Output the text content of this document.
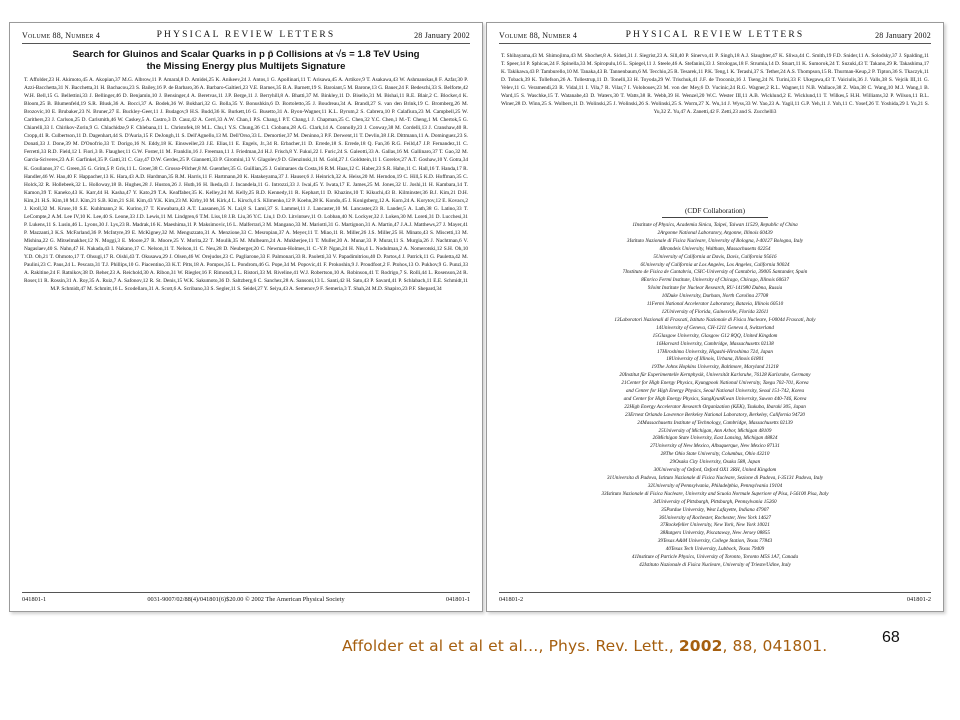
Volume 88, Number 4	PHYSICAL REVIEW LETTERS	28 January 2002
Search for Gluinos and Scalar Quarks in p p̄ Collisions at √s = 1.8 TeV Using
the Missing Energy plus Multijets Signature
T. Affolder,23 H. Akimoto,45 A. Akopian,37 M.G. Albrow,11 P. Amaral,8 D. Amidei,25 K. Anikeev,24 J. Antos,1 G. Apollinari,11 T. Arisawa,45 A. Artikov,9 T. Asakawa,43 W. Ashmanskas,8 F. Azfar,30 P. Azzi-Bacchetta,31 N. Bacchetta,31 H. Bachacou,23 S. Bailey,16 P. de Barbaro,36 A. Barbaro-Galtieri,23 V.E. Barnes,35 B.A. Barnett,19 S. Baroiant,5 M. Barone,13 G. Bauer,24 F. Bedeschi,33 S. Belforte,42 W.H. Bell,15 G. Bellettini,33 J. Bellinger,46 D. Benjamin,10 J. Bensinger,4 A. Beretvas,11 J.P. Berge,11 J. Berryhill,8 A. Bhatti,37 M. Binkley,11 D. Bisello,31 M. Bishai,11 R.E. Blair,2 C. Blocker,4 K. Bloom,25 B. Blumenfeld,19 S.R. Blusk,36 A. Bocci,37 A. Bodek,36 W. Bokhari,32 G. Bolla,35 Y. Bonushkin,6 D. Bortoletto,35 J. Boudreau,34 A. Brandl,27 S. van den Brink,19 C. Bromberg,26 M. Brozovic,10 E. Brubaker,23 N. Bruner,27 E. Buckley-Geer,11 J. Budagov,9 H.S. Budd,36 K. Burkett,16 G. Busetto,31 A. Byon-Wagner,11 K.L. Byrum,2 S. Cabrera,10 P. Calafiura,23 M. Campbell,25 W. Carithers,23 J. Carlson,25 D. Carlsmith,46 W. Caskey,5 A. Castro,3 D. Cauz,42 A. Cerri,33 A.W. Chan,1 P.S. Chang,1 P.T. Chang,1 J. Chapman,25 C. Chen,32 Y.C. Chen,1 M.-T. Cheng,1 M. Chertok,5 G. Chiarelli,33 I. Chirikov-Zorin,9 G. Chlachidze,9 F. Chlebana,11 L. Christofek,18 M.L. Chu,1 Y.S. Chung,36 C.I. Ciobanu,28 A.G. Clark,14 A. Connolly,23 J. Conway,38 M. Cordelli,13 J. Cranshaw,40 R. Cropp,41 R. Culbertson,11 D. Dagenhart,44 S. D'Auria,15 F. DeJongh,11 S. Dell'Agnello,13 M. Dell'Orso,33 L. Demortier,37 M. Deninno,3 P.F. Derwent,11 T. Devlin,38 J.R. Dittmann,11 A. Dominguez,23 S. Donati,33 J. Done,39 M. D'Onofrio,33 T. Dorigo,16 N. Eddy,18 K. Einsweiler,23 J.E. Elias,11 E. Engels, Jr.,34 R. Erbacher,11 D. Errede,18 S. Errede,18 Q. Fan,36 R.G. Feild,47 J.P. Fernandez,11 C. Ferretti,33 R.D. Field,12 I. Fiori,3 B. Flaugher,11 G.W. Foster,11 M. Franklin,16 J. Freeman,11 J. Friedman,24 H.J. Frisch,8 Y. Fukui,22 I. Furic,24 S. Galeotti,33 A. Gallas,16 M. Gallinaro,37 T. Gao,32 M. Garcia-Sciveres,23 A.F. Garfinkel,35 P. Gatti,31 C. Gay,47 D.W. Gerdes,25 P. Giannetti,33 P. Giromini,13 V. Glagolev,9 D. Glenzinski,11 M. Gold,27 J. Goldstein,11 I. Gorelov,27 A.T. Goshaw,10 Y. Gotra,34 K. Goulianos,37 C. Green,35 G. Grim,5 P. Gris,11 L. Groer,38 C. Grosso-Pilcher,8 M. Guenther,35 G. Guillian,25 J. Guimaraes da Costa,16 R.M. Haas,12 C. Haber,23 S.R. Hahn,11 C. Hall,16 T. Handa,17 R. Handler,46 W. Hao,40 F. Happacher,13 K. Hara,43 A.D. Hardman,35 R.M. Harris,11 F. Hartmann,20 K. Hatakeyama,37 J. Hauser,6 J. Heinrich,32 A. Heiss,20 M. Herndon,19 C. Hill,5 K.D. Hoffman,35 C. Holck,32 R. Hollebeek,32 L. Holloway,18 B. Hughes,28 J. Huston,26 J. Huth,16 H. Ikeda,43 J. Incandela,11 G. Introzzi,33 J. Iwai,45 Y. Iwata,17 E. James,25 M. Jones,32 U. Joshi,11 H. Kambara,14 T. Kamon,39 T. Kaneko,43 K. Karr,44 H. Kasha,47 Y. Kato,29 T.A. Keaffaber,35 K. Kelley,24 M. Kelly,25 R.D. Kennedy,11 R. Kephart,11 D. Khazins,10 T. Kikuchi,43 B. Kilminster,36 B.J. Kim,21 D.H. Kim,21 H.S. Kim,18 M.J. Kim,21 S.B. Kim,21 S.H. Kim,43 Y.K. Kim,23 M. Kirby,10 M. Kirk,4 L. Kirsch,4 S. Klimenko,12 P. Koehn,28 K. Kondo,45 J. Konigsberg,12 A. Korn,24 A. Korytov,12 E. Kovacs,2 J. Kroll,32 M. Kruse,10 S.E. Kuhlmann,2 K. Kurino,17 T. Kuwabara,43 A.T. Laasanen,35 N. Lai,8 S. Lami,37 S. Lammel,11 J. Lancaster,10 M. Lancaster,23 R. Lander,5 A. Lath,38 G. Latino,33 T. LeCompte,2 A.M. Lee IV,10 K. Lee,40 S. Leone,33 J.D. Lewis,11 M. Lindgren,6 T.M. Liss,18 J.B. Liu,36 Y.C. Liu,1 D.O. Litvintsev,11 O. Lobban,40 N. Lockyer,32 J. Loken,30 M. Loreti,31 D. Lucchesi,31 P. Lukens,11 S. Lusin,46 L. Lyons,30 J. Lys,23 R. Madrak,16 K. Maeshima,11 P. Maksimovic,16 L. Malferrari,3 M. Mangano,33 M. Mariotti,31 G. Martignon,31 A. Martin,47 J.A.J. Matthews,27 J. Mayer,41 P. Mazzanti,3 K.S. McFarland,36 P. McIntyre,39 E. McKigney,32 M. Menguzzato,31 A. Menzione,33 C. Mesropian,37 A. Meyer,11 T. Miao,11 R. Miller,26 J.S. Miller,25 H. Minato,43 S. Miscetti,13 M. Mishina,22 G. Mitselmakher,12 N. Moggi,3 E. Moore,27 R. Moore,25 Y. Morita,22 T. Moulik,35 M. Mulhearn,24 A. Mukherjee,11 T. Muller,20 A. Munar,33 P. Murat,11 S. Murgia,26 J. Nachtman,6 V. Nagaslaev,40 S. Nahn,47 H. Nakada,43 I. Nakano,17 C. Nelson,11 T. Nelson,11 C. Neu,28 D. Neuberger,20 C. Newman-Holmes,11 C.-Y.P. Ngan,24 H. Niu,4 L. Nodulman,2 A. Nomerotski,12 S.H. Oh,10 Y.D. Oh,21 T. Ohmoto,17 T. Ohsugi,17 R. Oishi,43 T. Okusawa,29 J. Olsen,46 W. Orejudos,23 C. Pagliarone,33 F. Palmonari,33 R. Paoletti,33 V. Papadimitriou,40 D. Partos,4 J. Patrick,11 G. Pauletta,42 M. Paulini,23 C. Paus,24 L. Pescara,31 T.J. Phillips,10 G. Piacentino,33 K.T. Pitts,18 A. Pompos,35 L. Pondrom,46 G. Pope,34 M. Popovic,41 F. Prokoshin,9 J. Proudfoot,2 F. Ptohos,13 O. Pukhov,9 G. Punzi,33 A. Rakitine,24 F. Ratnikov,38 D. Reher,23 A. Reichold,30 A. Ribon,31 W. Riegler,16 F. Rimondi,3 L. Ristori,33 M. Riveline,41 W.J. Robertson,10 A. Robinson,41 T. Rodrigo,7 S. Rolli,44 L. Rosenson,24 R. Roser,11 R. Rossin,31 A. Roy,35 A. Ruiz,7 A. Safonov,12 R. St. Denis,15 W.K. Sakumoto,36 D. Saltzberg,6 C. Sanchez,28 A. Sansoni,13 L. Santi,42 H. Sato,43 P. Savard,41 P. Schlabach,11 E.E. Schmidt,11 M.P. Schmidt,47 M. Schmitt,16 L. Scodellaro,31 A. Scott,6 A. Scribano,33 S. Segler,11 S. Seidel,27 Y. Seiya,43 A. Semenov,9 F. Semeria,3 T. Shah,24 M.D. Shapiro,23 P.F. Shepard,34
041801-1	0031-9007/02/88(4)/041801(6)$20.00 © 2002 The American Physical Society	041801-1
Volume 88, Number 4	PHYSICAL REVIEW LETTERS	28 January 2002
T. Shibayama,43 M. Shimojima,43 M. Shochet,8 A. Sidoti,31 J. Siegrist,23 A. Sill,40 P. Sinervo,41 P. Singh,18 A.J. Slaughter,47 K. Sliwa,44 C. Smith,19 F.D. Snider,11 A. Solodsky,37 J. Spalding,11 T. Speer,14 P. Sphicas,24 F. Spinella,33 M. Spiropulu,16 L. Spiegel,11 J. Steele,46 A. Stefanini,33 J. Strologas,18 F. Strumia,14 D. Stuart,11 K. Sumorok,24 T. Suzuki,43 T. Takano,29 R. Takashima,17 K. Takikawa,43 P. Tamburello,10 M. Tanaka,43 B. Tannenbaum,6 M. Tecchio,25 R. Tesarek,11 P.K. Teng,1 K. Terashi,37 S. Tether,24 A.S. Thompson,15 R. Thurman-Keup,2 P. Tipton,36 S. Tkaczyk,11 D. Toback,39 K. Tollefson,26 A. Tollestrup,11 D. Tonelli,33 H. Toyoda,29 W. Trischuk,41 J.F. de Troconiz,16 J. Tseng,24 N. Turini,33 F. Ukegawa,43 T. Vaiciulis,36 J. Valls,38 S. Vejcik III,11 G. Velev,11 G. Veramendi,23 R. Vidal,11 I. Vila,7 R. Vilar,7 I. Volobouev,23 M. von der Mey,6 D. Vucinic,24 R.G. Wagner,2 R.L. Wagner,11 N.B. Wallace,38 Z. Wan,38 C. Wang,10 M.J. Wang,1 B. Ward,15 S. Waschke,15 T. Watanabe,43 D. Waters,30 T. Watts,38 R. Webb,39 H. Wenzel,20 W.C. Wester III,11 A.B. Wicklund,2 E. Wicklund,11 T. Wilkes,5 H.H. Williams,32 P. Wilson,11 B.L. Winer,28 D. Winn,25 S. Wolbers,11 D. Wolinski,25 J. Wolinski,26 S. Wolinski,25 S. Worm,27 X. Wu,14 J. Wyss,33 W. Yao,23 A. Yagil,11 G.P. Yeh,11 J. Yoh,11 C. Yosef,26 T. Yoshida,29 I. Yu,21 S. Yu,32 Z. Yu,47 A. Zanetti,42 F. Zetti,23 and S. Zucchelli3
(CDF Collaboration)
1Institute of Physics, Academia Sinica, Taipei, Taiwan 11529, Republic of China
2Argonne National Laboratory, Argonne, Illinois 60439
3Istituto Nazionale di Fisica Nucleare, University of Bologna, I-40127 Bologna, Italy
4Brandeis University, Waltham, Massachusetts 02254
5University of California at Davis, Davis, California 95616
6University of California at Los Angeles, Los Angeles, California 90024
7Instituto de Fisica de Cantabria, CSIC-University of Cantabria, 39005 Santander, Spain
8Enrico Fermi Institute, University of Chicago, Chicago, Illinois 60637
9Joint Institute for Nuclear Research, RU-141980 Dubna, Russia
10Duke University, Durham, North Carolina 27708
11Fermi National Accelerator Laboratory, Batavia, Illinois 60510
12University of Florida, Gainesville, Florida 32611
13Laboratori Nazionali di Frascati, Istituto Nazionale di Fisica Nucleare, I-00044 Frascati, Italy
14University of Geneva, CH-1211 Geneva 4, Switzerland
15Glasgow University, Glasgow G12 8QQ, United Kingdom
16Harvard University, Cambridge, Massachusetts 02138
17Hiroshima University, Higashi-Hiroshima 724, Japan
18University of Illinois, Urbana, Illinois 61801
19The Johns Hopkins University, Baltimore, Maryland 21218
20Institut für Experimentelle Kernphysik, Universität Karlsruhe, 76128 Karlsruhe, Germany
21Center for High Energy Physics, Kyungpook National University, Taegu 702-701, Korea
and Center for High Energy Physics, Seoul National University, Seoul 151-742, Korea
and Center for High Energy Physics, SungKyunKwan University, Suwon 440-746, Korea
22High Energy Accelerator Research Organization (KEK), Tsukuba, Ibaraki 305, Japan
23Ernest Orlando Lawrence Berkeley National Laboratory, Berkeley, California 94720
24Massachusetts Institute of Technology, Cambridge, Massachusetts 02139
25University of Michigan, Ann Arbor, Michigan 48109
26Michigan State University, East Lansing, Michigan 48824
27University of New Mexico, Albuquerque, New Mexico 87131
28The Ohio State University, Columbus, Ohio 43210
29Osaka City University, Osaka 588, Japan
30University of Oxford, Oxford OX1 3RH, United Kingdom
31Universita di Padova, Istituto Nazionale di Fisica Nucleare, Sezione di Padova, I-35131 Padova, Italy
32University of Pennsylvania, Philadelphia, Pennsylvania 19104
33Istituto Nazionale di Fisica Nucleare, University and Scuola Normale Superiore of Pisa, I-56100 Pisa, Italy
34University of Pittsburgh, Pittsburgh, Pennsylvania 15260
35Purdue University, West Lafayette, Indiana 47907
36University of Rochester, Rochester, New York 14627
37Rockefeller University, New York, New York 10021
38Rutgers University, Piscataway, New Jersey 08855
39Texas A&M University, College Station, Texas 77843
40Texas Tech University, Lubbock, Texas 79409
41Institute of Particle Physics, University of Toronto, Toronto M5S 1A7, Canada
42Istituto Nazionale di Fisica Nucleare, University of Trieste/Udine, Italy
041801-2	041801-2
Affolder et al et al et al…, Phys. Rev. Lett., 2002, 88, 041801.	68
